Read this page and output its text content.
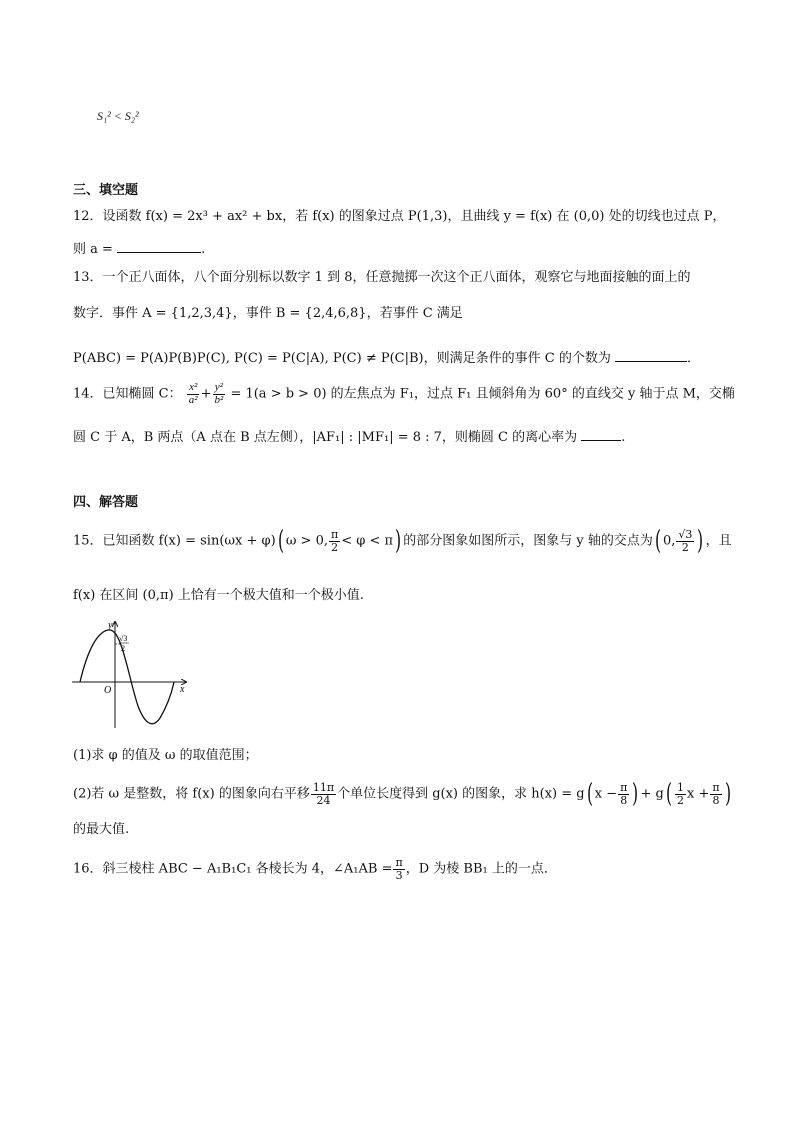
S₁² < S₂²
三、填空题
12．设函数 f(x) = 2x³ + ax² + bx，若 f(x) 的图象过点 P(1,3)，且曲线 y = f(x) 在 (0,0) 处的切线也过点 P，
则 a =	.
13．一个正八面体，八个面分别标以数字 1 到 8，任意抛掷一次这个正八面体，观察它与地面接触的面上的
数字．事件 A = {1,2,3,4}，事件 B = {2,4,6,8}，若事件 C 满足
P(ABC) = P(A)P(B)P(C), P(C) = P(C|A), P(C) ≠ P(C|B)，则满足条件的事件 C 的个数为	．
14．已知椭圆 C： $\frac{\text{x²}}{\text{a²}} + \frac{\text{y²}}{\text{b²}} = 1(a > b > 0)$ 的左焦点为 F₁，过点 F₁ 且倾斜角为 60° 的直线交 y 轴于点 M，交椭
圆 C 于 A，B 两点（A 点在 B 点左侧），|AF₁| : |MF₁| = 8 : 7，则椭圆 C 的离心率为	.
四、解答题
15．已知函数 f(x) = sin(ωx + φ)( ω > 0, $\frac{\pi}{2} < \varphi < \pi$) 的部分图象如图所示，图象与 y 轴的交点为( 0, $\frac{√3}{2}$ ) ，且
f(x) 在区间 (0,π) 上恰有一个极大值和一个极小值.
y
x
O
√3
2
(1)求 φ 的值及 ω 的取值范围；
(2)若 ω 是整数，将 f(x) 的图象向右平移 $\frac{11\pi}{24}$ 个单位长度得到 g(x) 的图象，求 h(x) = g( $x - \frac{\pi}{8}$ ) + $g( \frac{1}{2}$ $x + \frac{\pi}{8}$ )
的最大值.
16．斜三棱柱 ABC − A₁B₁C₁ 各棱长为 4，∠A₁AB = $\frac{\pi}{3}$ ，D 为棱 BB₁ 上的一点．
